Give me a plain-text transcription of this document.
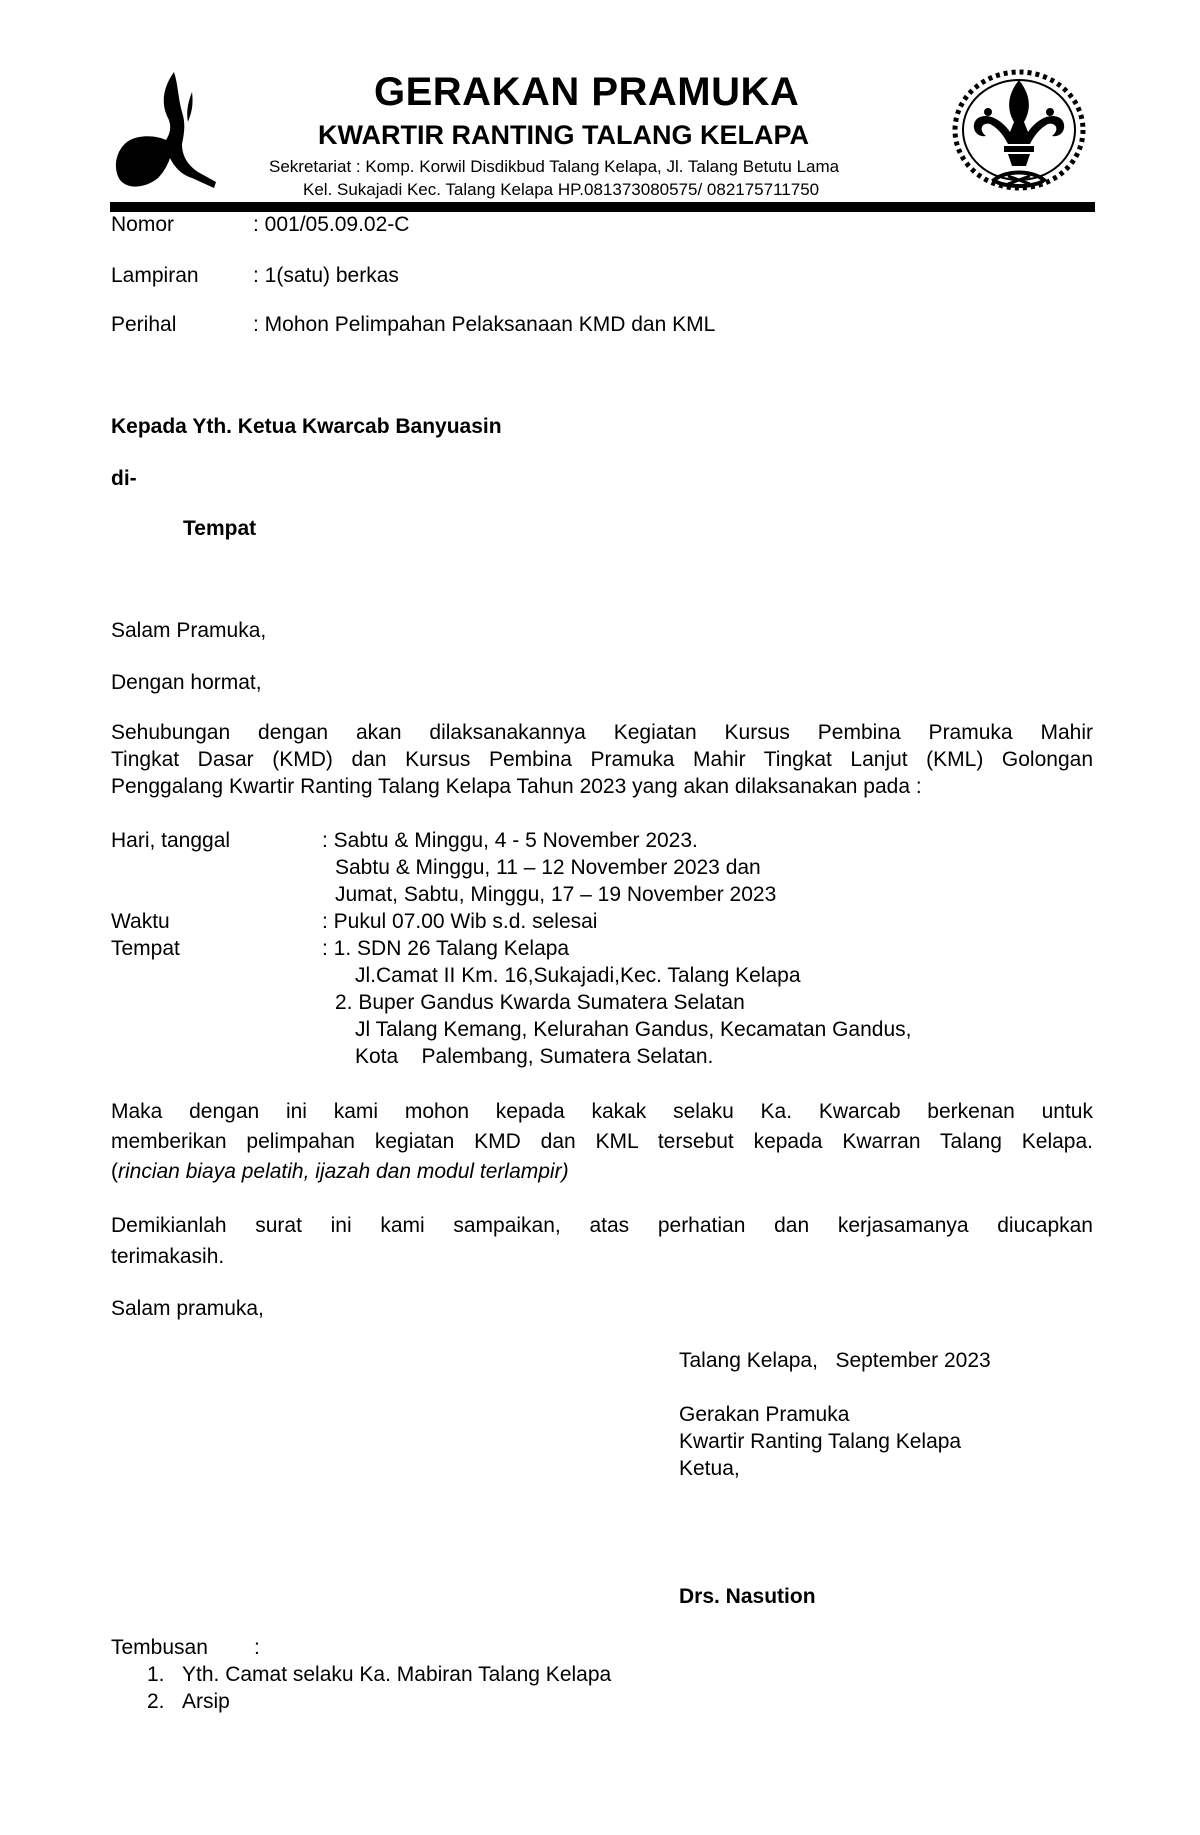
GERAKAN PRAMUKA
KWARTIR RANTING TALANG KELAPA
Sekretariat : Komp. Korwil Disdikbud Talang Kelapa, Jl. Talang Betutu Lama
Kel. Sukajadi Kec. Talang Kelapa HP.081373080575/ 082175711750
Nomor	: 001/05.09.02-C
Lampiran	: 1(satu) berkas
Perihal	: Mohon Pelimpahan Pelaksanaan KMD dan KML
Kepada Yth. Ketua Kwarcab Banyuasin
di-
Tempat
Salam Pramuka,
Dengan hormat,
Sehubungan dengan akan dilaksanakannya Kegiatan Kursus Pembina Pramuka Mahir
Tingkat Dasar (KMD) dan Kursus Pembina Pramuka Mahir Tingkat Lanjut (KML) Golongan
Penggalang Kwartir Ranting Talang Kelapa Tahun 2023 yang akan dilaksanakan pada :
Hari, tanggal	: Sabtu & Minggu, 4 - 5 November 2023.
Sabtu & Minggu, 11 – 12 November 2023 dan
Jumat, Sabtu, Minggu, 17 – 19 November 2023
Waktu	: Pukul 07.00 Wib s.d. selesai
Tempat	: 1. SDN 26 Talang Kelapa
Jl.Camat II Km. 16,Sukajadi,Kec. Talang Kelapa
2. Buper Gandus Kwarda Sumatera Selatan
Jl Talang Kemang, Kelurahan Gandus, Kecamatan Gandus,
Kota    Palembang, Sumatera Selatan.
Maka dengan ini kami mohon kepada kakak selaku Ka. Kwarcab berkenan untuk
memberikan pelimpahan kegiatan KMD dan KML tersebut kepada Kwarran Talang Kelapa.
(rincian biaya pelatih, ijazah dan modul terlampir)
Demikianlah surat ini kami sampaikan, atas perhatian dan kerjasamanya diucapkan
terimakasih.
Salam pramuka,
Talang Kelapa,   September 2023
Gerakan Pramuka
Kwartir Ranting Talang Kelapa
Ketua,
Drs. Nasution
Tembusan :
1. Yth. Camat selaku Ka. Mabiran Talang Kelapa
2. Arsip
